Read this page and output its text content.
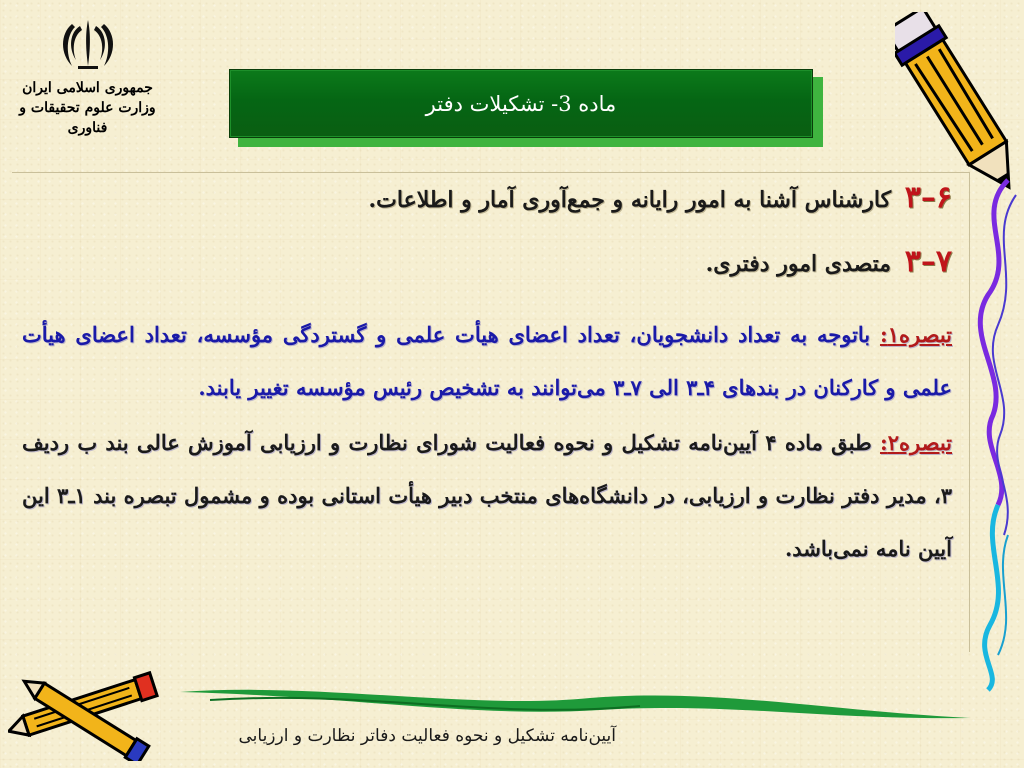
جمهوری اسلامی ایران
وزارت علوم تحقیقات و فناوری
ماده 3- تشکیلات دفتر
۶–۳ کارشناس آشنا به امور رایانه و جمع‌آوری آمار و اطلاعات.
۷–۳ متصدی امور دفتری.
تبصره۱: باتوجه به تعداد دانشجویان، تعداد اعضای هیأت علمی و گستردگی مؤسسه، تعداد اعضای هیأت علمی و کارکنان در بندهای ۴ـ۳ الی ۷ـ۳ می‌توانند به تشخیص رئیس مؤسسه تغییر یابند.
تبصره۲: طبق ماده ۴ آیین‌نامه تشکیل و نحوه فعالیت شورای نظارت و ارزیابی آموزش عالی بند ب ردیف ۳، مدیر دفتر نظارت و ارزیابی، در دانشگاه‌های منتخب دبیر هیأت استانی بوده و مشمول تبصره بند ۱ـ۳ این آیین نامه نمی‌باشد.
آیین‌نامه تشکیل و نحوه فعالیت دفاتر نظارت و ارزیابی
